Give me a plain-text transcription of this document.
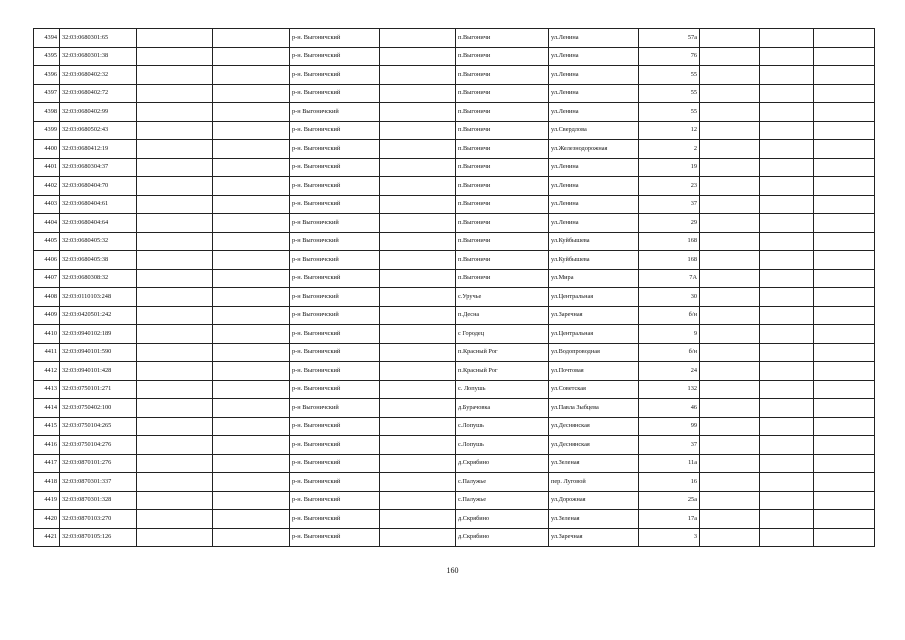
4394	32:03:0680301:65			р-н. Выгоничский		п.Выгоничи	ул.Ленина	57а			
4395	32:03:0680301:38			р-н. Выгоничский		п.Выгоничи	ул.Ленина	76			
4396	32:03:0680402:32			р-н. Выгоничский		п.Выгоничи	ул.Ленина	55			
4397	32:03:0680402:72			р-н. Выгоничский		п.Выгоничи	ул.Ленина	55			
4398	32:03:0680402:99			р-н Выгоничский		п.Выгоничи	ул.Ленина	55			
4399	32:03:0680502:43			р-н. Выгоничский		п.Выгоничи	ул.Свердлова	12			
4400	32:03:0680412:19			р-н. Выгоничский		п.Выгоничи	ул.Железнодорожная	2			
4401	32:03:0680304:37			р-н. Выгоничский		п.Выгоничи	ул.Ленина	19			
4402	32:03:0680404:70			р-н. Выгоничский		п.Выгоничи	ул.Ленина	23			
4403	32:03:0680404:61			р-н. Выгоничский		п.Выгоничи	ул.Ленина	37			
4404	32:03:0680404:64			р-н Выгоничский		п.Выгоничи	ул.Ленина	29			
4405	32:03:0680405:32			р-н Выгоничский		п.Выгоничи	ул.Куйбышева	168			
4406	32:03:0680405:38			р-н Выгоничский		п.Выгоничи	ул.Куйбышева	168			
4407	32:03:0680308:32			р-н. Выгоничский		п.Выгоничи	ул.Мира	7А			
4408	32:03:0110103:248			р-н Выгоничский		с.Уручье	ул.Центральная	30			
4409	32:03:0420501:242			р-н Выгоничский		п.Десна	ул.Заречная	б/н			
4410	32:03:0940102:189			р-н. Выгоничский		с Городец	ул.Центральная	9			
4411	32:03:0940101:590			р-н. Выгоничский		п.Красный Рог	ул.Водопроводная	б/н			
4412	32:03:0940101:428			р-н. Выгоничский		п.Красный Рог	ул.Почтовая	24			
4413	32:03:0750101:271			р-н. Выгоничский		с. Лопушь	ул.Советская	132			
4414	32:03:0750402:100			р-н Выгоничский		д.Бурачовка	ул.Павла Зыбцева	46			
4415	32:03:0750104:265			р-н. Выгоничский		с.Лопушь	ул.Деснянская	99			
4416	32:03:0750104:276			р-н. Выгоничский		с.Лопушь	ул.Деснянская	37			
4417	32:03:0870101:276			р-н. Выгоничский		д.Скрябино	ул.Зеленая	11а			
4418	32:03:0870301:337			р-н. Выгоничский		с.Палужье	пер. Луговой	16			
4419	32:03:0870301:328			р-н. Выгоничский		с.Палужье	ул.Дорожная	25а			
4420	32:03:0870103:270			р-н. Выгоничский		д.Скрябино	ул.Зеленая	17а			
4421	32:03:0870105:126			р-н. Выгоничский		д.Скрябино	ул.Заречная	3			
160
